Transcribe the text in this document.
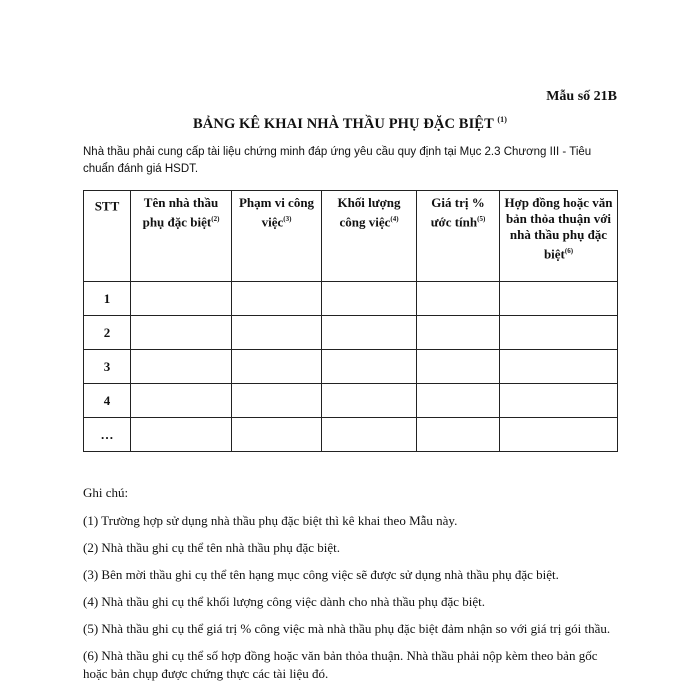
Mẫu số 21B
BẢNG KÊ KHAI NHÀ THẦU PHỤ ĐẶC BIỆT $^{(1)}$
Nhà thầu phải cung cấp tài liệu chứng minh đáp ứng yêu cầu quy định tại Mục 2.3 Chương III - Tiêu chuẩn đánh giá HSDT.
STT	Tên nhà thầu phụ đặc biệt$^{(2)}$	Phạm vi công việc$^{(3)}$	Khối lượng công việc$^{(4)}$	Giá trị % ước tính$^{(5)}$	Hợp đồng hoặc văn bản thỏa thuận với nhà thầu phụ đặc biệt$^{(6)}$
1					
2					
3					
4					
…					

Ghi chú:

(1) Trường hợp sử dụng nhà thầu phụ đặc biệt thì kê khai theo Mẫu này.

(2) Nhà thầu ghi cụ thể tên nhà thầu phụ đặc biệt.

(3) Bên mời thầu ghi cụ thể tên hạng mục công việc sẽ được sử dụng nhà thầu phụ đặc biệt.

(4) Nhà thầu ghi cụ thể khối lượng công việc dành cho nhà thầu phụ đặc biệt.

(5) Nhà thầu ghi cụ thể giá trị % công việc mà nhà thầu phụ đặc biệt đảm nhận so với giá trị gói thầu.

(6) Nhà thầu ghi cụ thể số hợp đồng hoặc văn bản thỏa thuận. Nhà thầu phải nộp kèm theo bản gốc hoặc bản chụp được chứng thực các tài liệu đó.
